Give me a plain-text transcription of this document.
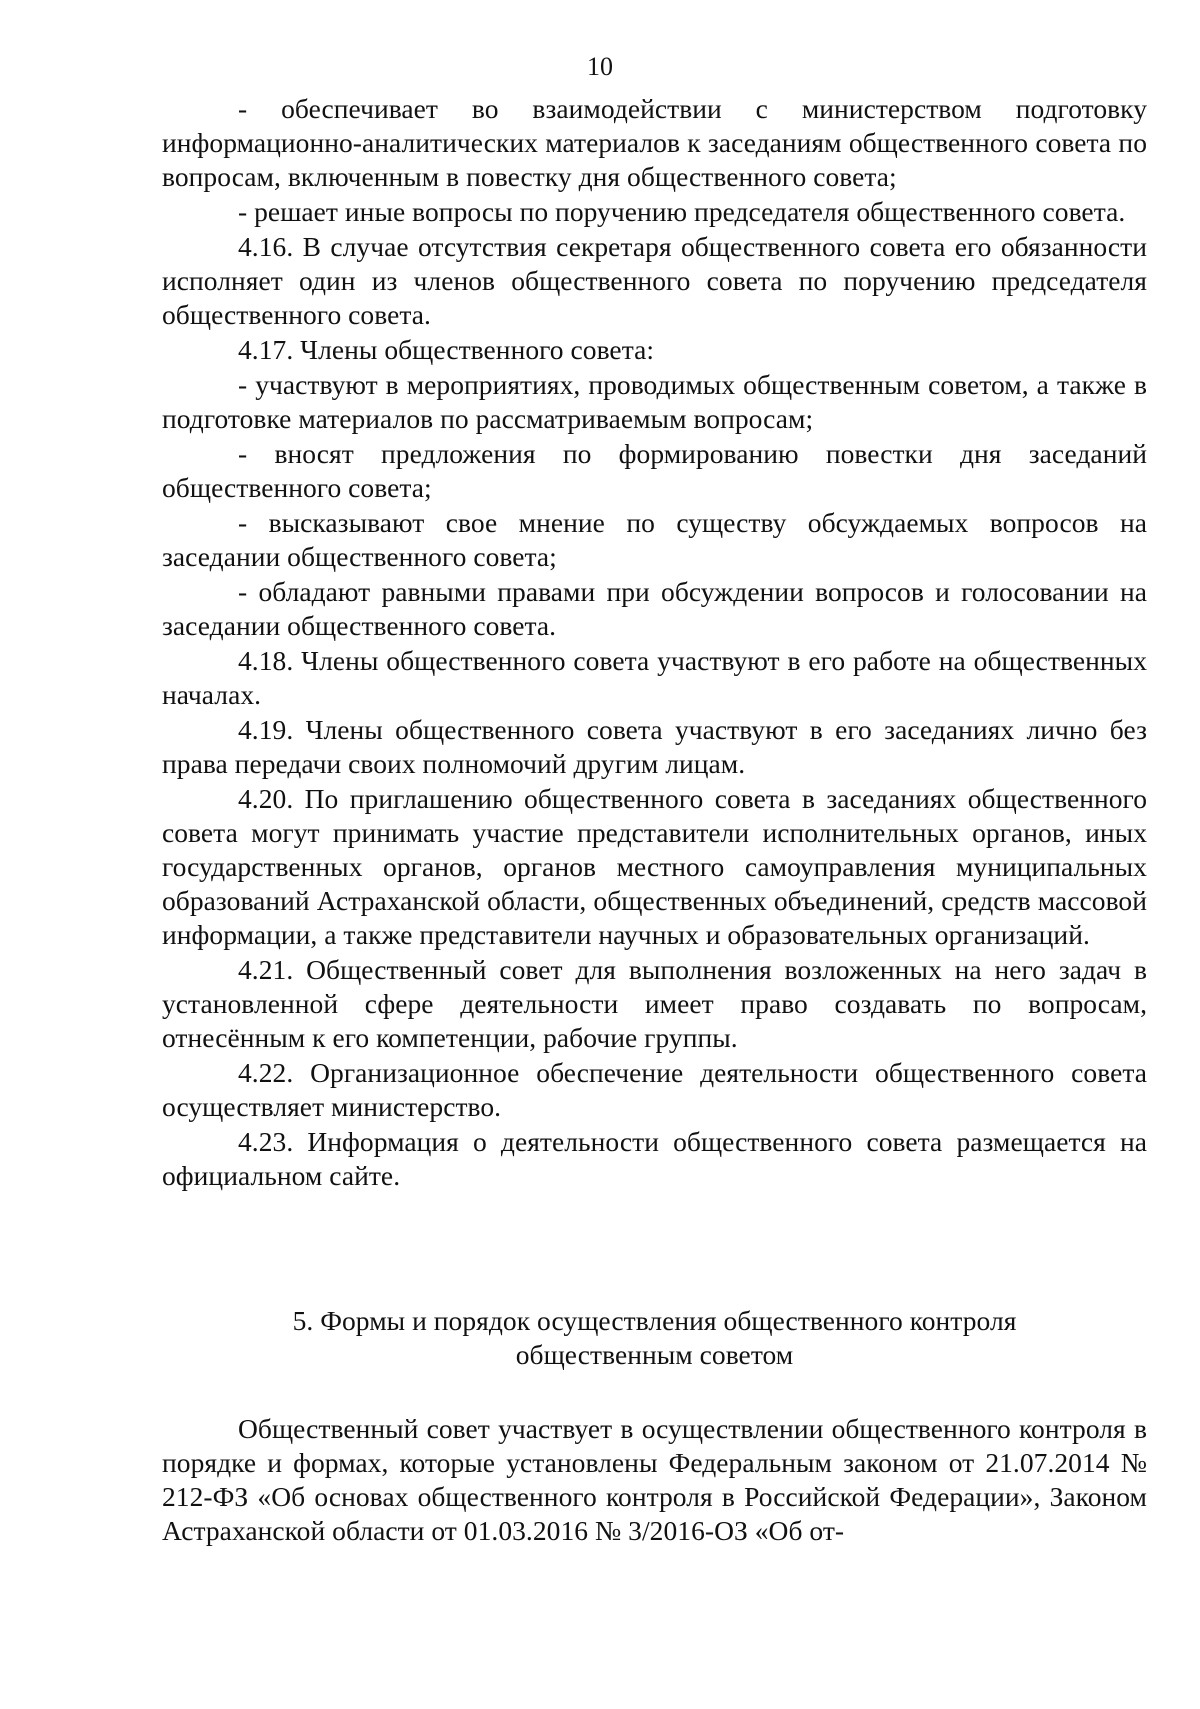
10

- обеспечивает во взаимодействии с министерством подготовку информационно-аналитических материалов к заседаниям общественного совета по вопросам, включенным в повестку дня общественного совета;

- решает иные вопросы по поручению председателя общественного совета.

4.16. В случае отсутствия секретаря общественного совета его обязанности исполняет один из членов общественного совета по поручению председателя общественного совета.

4.17. Члены общественного совета:

- участвуют в мероприятиях, проводимых общественным советом, а также в подготовке материалов по рассматриваемым вопросам;

- вносят предложения по формированию повестки дня заседаний общественного совета;

- высказывают свое мнение по существу обсуждаемых вопросов на заседании общественного совета;

- обладают равными правами при обсуждении вопросов и голосовании на заседании общественного совета.

4.18. Члены общественного совета участвуют в его работе на общественных началах.

4.19. Члены общественного совета участвуют в его заседаниях лично без права передачи своих полномочий другим лицам.

4.20. По приглашению общественного совета в заседаниях общественного совета могут принимать участие представители исполнительных органов, иных государственных органов, органов местного самоуправления муниципальных образований Астраханской области, общественных объединений, средств массовой информации, а также представители научных и образовательных организаций.

4.21. Общественный совет для выполнения возложенных на него задач в установленной сфере деятельности имеет право создавать по вопросам, отнесённым к его компетенции, рабочие группы.

4.22. Организационное обеспечение деятельности общественного совета осуществляет министерство.

4.23. Информация о деятельности общественного совета размещается на официальном сайте.

5. Формы и порядок осуществления общественного контроля
общественным советом

Общественный совет участвует в осуществлении общественного контроля в порядке и формах, которые установлены Федеральным законом от 21.07.2014 № 212-ФЗ «Об основах общественного контроля в Российской Федерации», Законом Астраханской области от 01.03.2016 № 3/2016-ОЗ «Об от-
